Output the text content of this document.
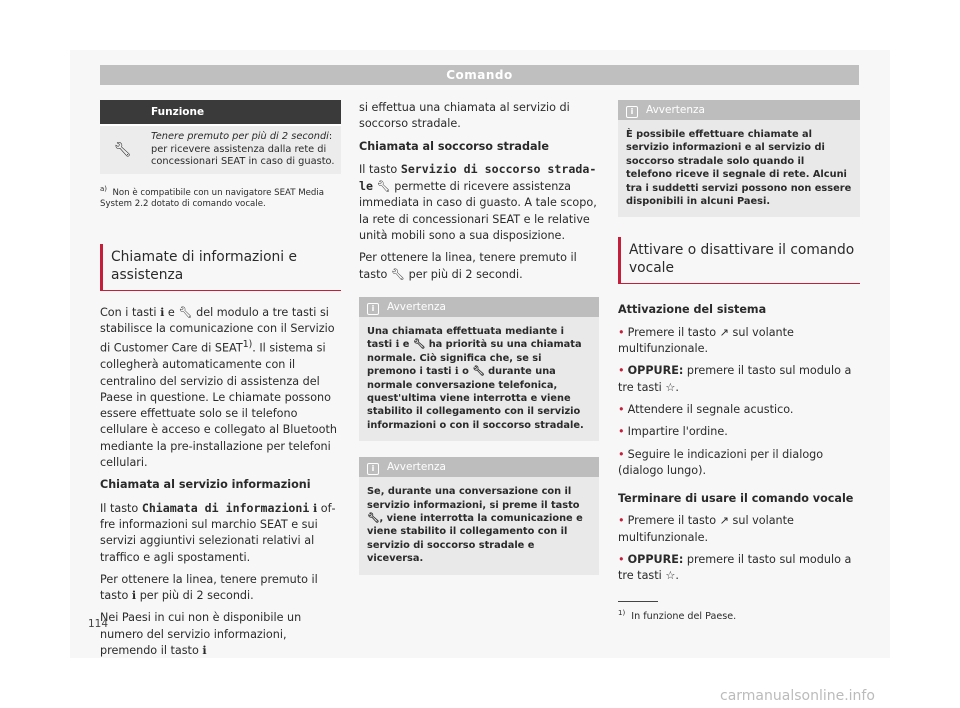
Comando
	Funzione
🔧︎	Tenere premuto per più di 2 secondi: per ricevere assistenza dalla rete di concessionari SEAT in caso di guasto.
$^{a)}$ Non è compatibile con un navigatore SEAT Media System 2.2 dotato di comando vocale.
Chiamate di informazioni e assistenza

Con i tasti ℹ e 🔧︎ del modulo a tre tasti si stabilisce la comunicazione con il Servizio di Customer Care di SEAT$^{1)}$. Il sistema si collegherà automaticamente con il centralino del servizio di assistenza del Paese in questione. Le chiamate possono essere effettuate solo se il telefono cellulare è acceso e collegato al Bluetooth mediante la pre-installazione per telefoni cellulari.

Chiamata al servizio informazioni

Il tasto Chiamata di informazioni ℹ offre informazioni sul marchio SEAT e sui servizi aggiuntivi selezionati relativi al traffico e agli spostamenti.

Per ottenere la linea, tenere premuto il tasto ℹ per più di 2 secondi.

Nei Paesi in cui non è disponibile un numero del servizio informazioni, premendo il tasto ℹ

si effettua una chiamata al servizio di soccorso stradale.

Chiamata al soccorso stradale

Il tasto Servizio di soccorso stradale 🔧︎ permette di ricevere assistenza immediata in caso di guasto. A tale scopo, la rete di concessionari SEAT e le relative unità mobili sono a sua disposizione.

Per ottenere la linea, tenere premuto il tasto 🔧︎ per più di 2 secondi.

i Avvertenza
Una chiamata effettuata mediante i tasti ℹ e 🔧︎ ha priorità su una chiamata normale. Ciò significa che, se si premono i tasti ℹ o 🔧︎ durante una normale conversazione telefonica, quest'ultima viene interrotta e viene stabilito il collegamento con il servizio informazioni o con il soccorso stradale.
i Avvertenza
Se, durante una conversazione con il servizio informazioni, si preme il tasto 🔧︎, viene interrotta la comunicazione e viene stabilito il collegamento con il servizio di soccorso stradale e viceversa.
i Avvertenza
È possibile effettuare chiamate al servizio informazioni e al servizio di soccorso stradale solo quando il telefono riceve il segnale di rete. Alcuni tra i suddetti servizi possono non essere disponibili in alcuni Paesi.
Attivare o disattivare il comando vocale

Attivazione del sistema

• Premere il tasto ↗ sul volante multifunzionale.

• OPPURE: premere il tasto sul modulo a tre tasti ☆.

• Attendere il segnale acustico.

• Impartire l'ordine.

• Seguire le indicazioni per il dialogo (dialogo lungo).

Terminare di usare il comando vocale

• Premere il tasto ↗ sul volante multifunzionale.

• OPPURE: premere il tasto sul modulo a tre tasti ☆.

$^{1)}$ In funzione del Paese.
114
carmanualsonline.info
